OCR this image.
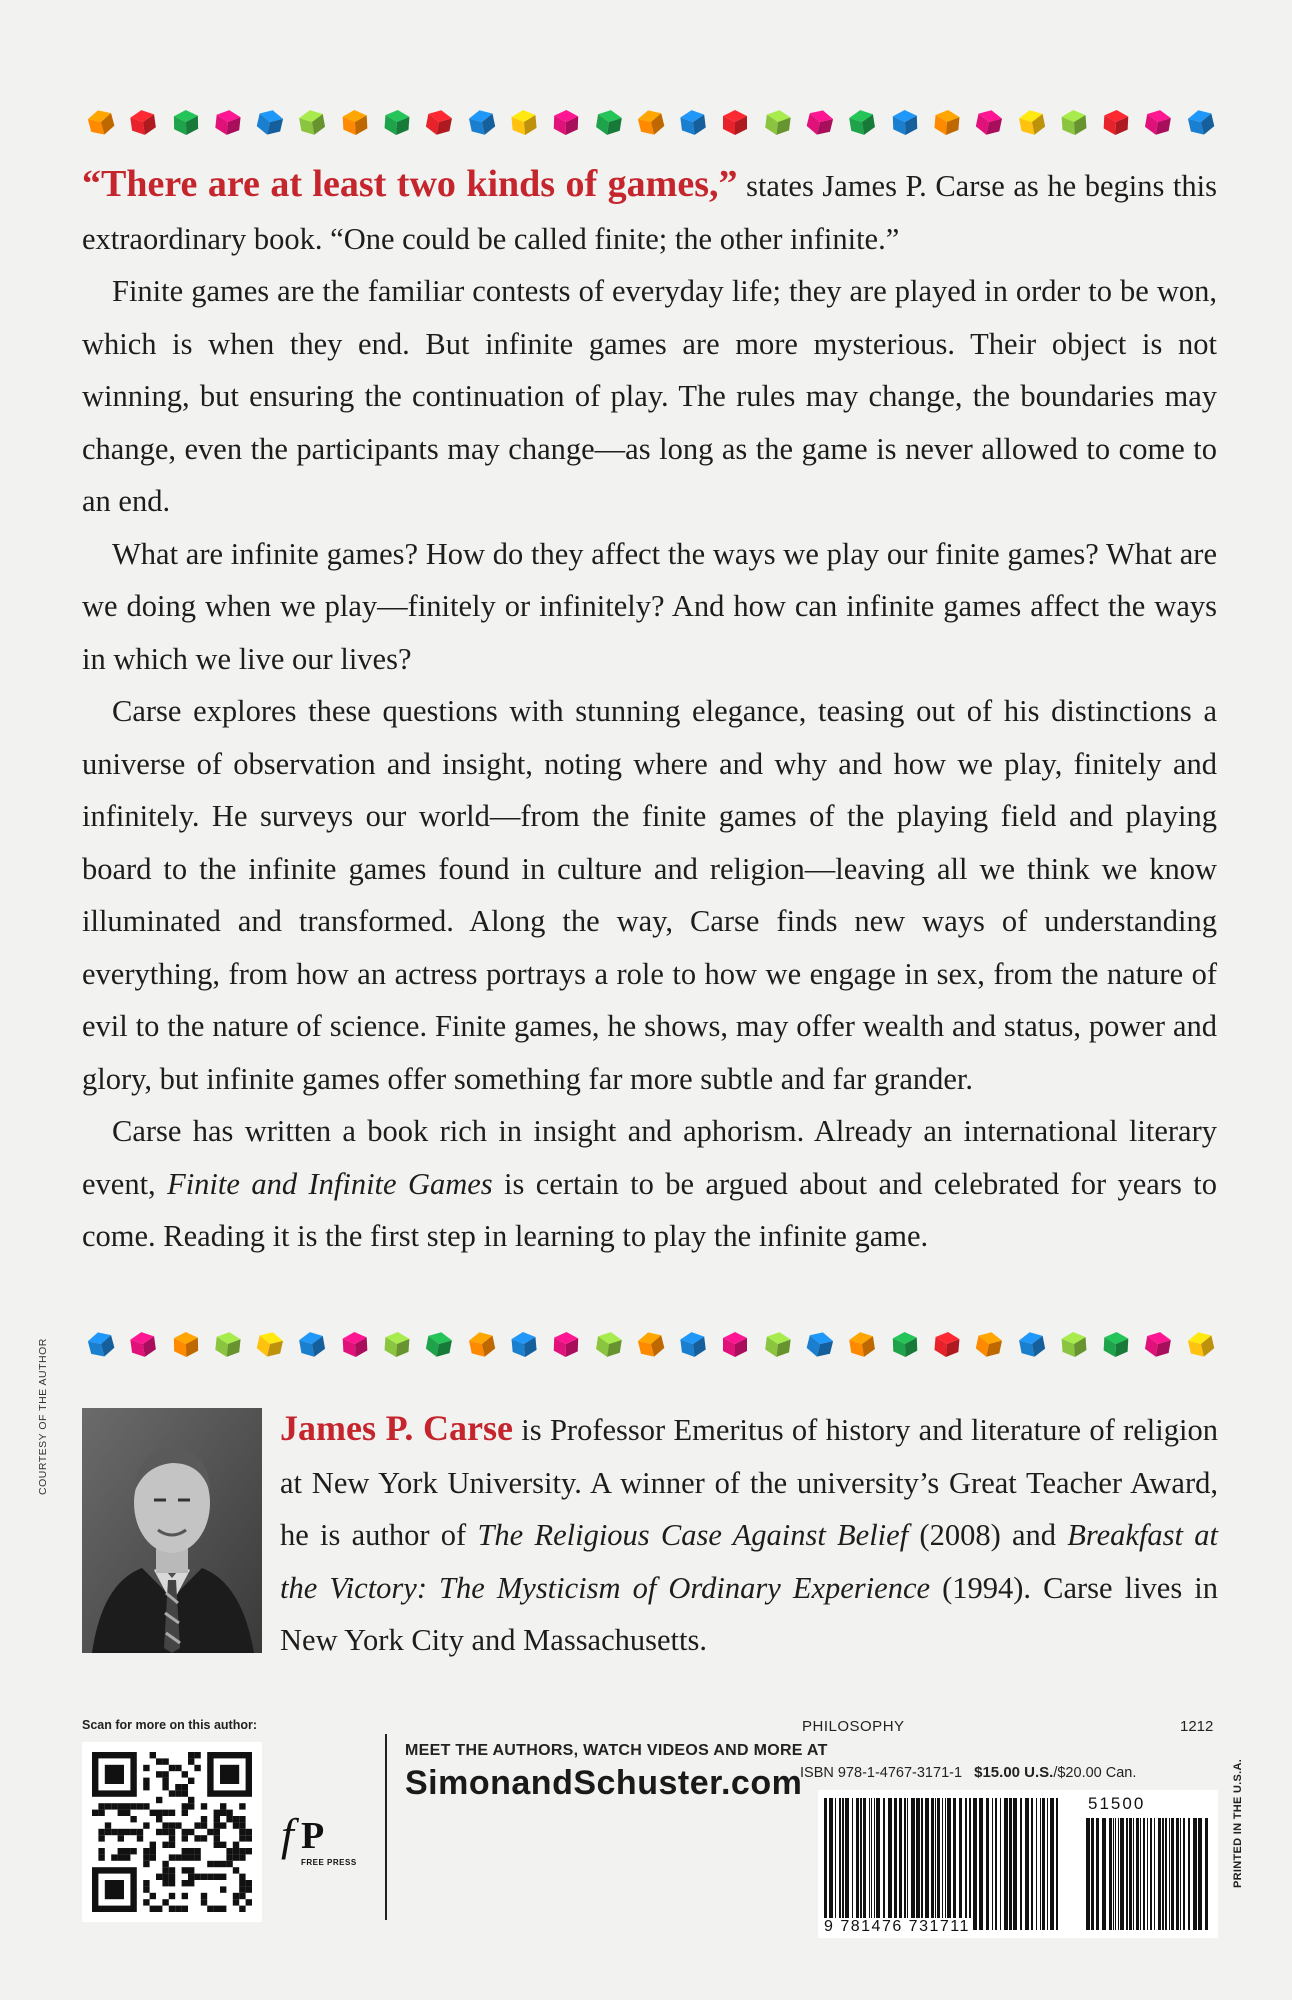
“There are at least two kinds of games,” states James P. Carse as he begins this extraordinary book. “One could be called finite; the other infinite.”

Finite games are the familiar contests of everyday life; they are played in order to be won, which is when they end. But infinite games are more mysterious. Their object is not winning, but ensuring the continuation of play. The rules may change, the boundaries may change, even the participants may change—as long as the game is never allowed to come to an end.

What are infinite games? How do they affect the ways we play our finite games? What are we doing when we play—finitely or infinitely? And how can infinite games affect the ways in which we live our lives?

Carse explores these questions with stunning elegance, teasing out of his distinctions a universe of observation and insight, noting where and why and how we play, finitely and infinitely. He surveys our world—from the finite games of the playing field and playing board to the infinite games found in culture and religion—leaving all we think we know illuminated and transformed. Along the way, Carse finds new ways of understanding everything, from how an actress portrays a role to how we engage in sex, from the nature of evil to the nature of science. Finite games, he shows, may offer wealth and status, power and glory, but infinite games offer something far more subtle and far grander.

Carse has written a book rich in insight and aphorism. Already an international literary event, Finite and Infinite Games is certain to be argued about and celebrated for years to come. Reading it is the first step in learning to play the infinite game.

COURTESY OF THE AUTHOR	James P. Carse is Professor Emeritus of history and literature of religion at New York University. A winner of the university’s Great Teacher Award, he is author of The Religious Case Against Belief (2008) and Breakfast at the Victory: The Mysticism of Ordinary Experience (1994). Carse lives in New York City and Massachusetts.
Scan for more on this author:
f P
FREE PRESS
MEET THE AUTHORS, WATCH VIDEOS AND MORE AT
SimonandSchuster.com
PHILOSOPHY	1212
ISBN 978-1-4767-3171-1 $15.00 U.S./$20.00 Can.
51500
9 781476 731711
PRINTED IN THE U.S.A.
